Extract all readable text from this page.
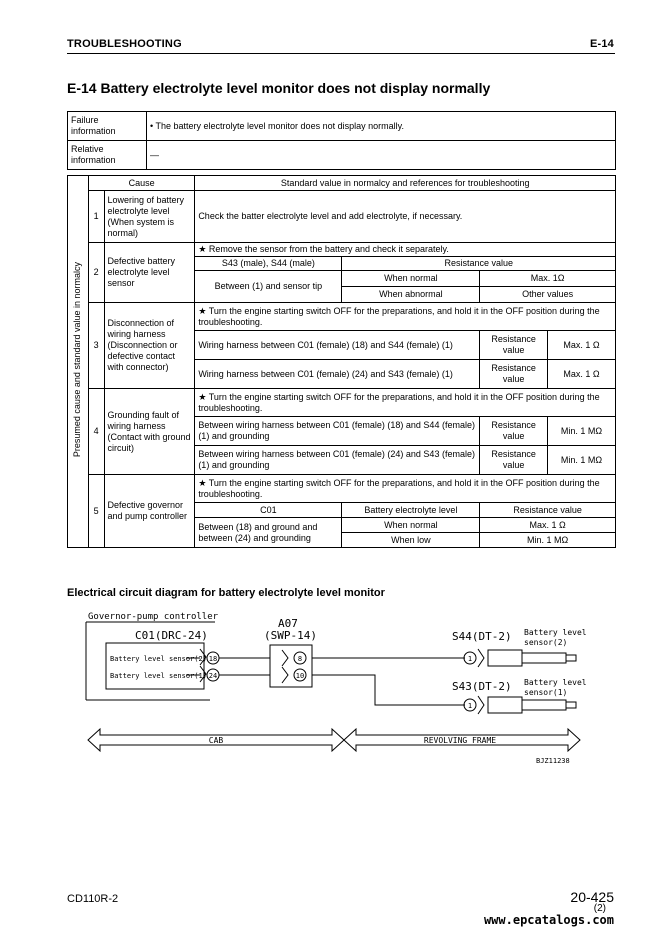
TROUBLESHOOTING	E-14
E-14 Battery electrolyte level monitor does not display normally
Failure information	• The battery electrolyte level monitor does not display normally.
Relative information	—
Presumed cause and standard value in normalcy	Cause		Standard value in normalcy and references for troubleshooting			
	1	Lowering of battery electrolyte level (When system is normal)	Check the batter electrolyte level and add electrolyte, if necessary.			
	2	Defective battery electrolyte level sensor	★ Remove the sensor from the battery and check it separately.			
			S43 (male), S44 (male)	Resistance value		
			Between (1) and sensor tip	When normal	Max. 1Ω	
				When abnormal	Other values	
	3	Disconnection of wiring harness (Disconnection or defective contact with connector)	★ Turn the engine starting switch OFF for the preparations, and hold it in the OFF position during the troubleshooting.			
			Wiring harness between C01 (female) (18) and S44 (female) (1)		Resistance value	Max. 1 Ω
			Wiring harness between C01 (female) (24) and S43 (female) (1)		Resistance value	Max. 1 Ω
	4	Grounding fault of wiring harness (Contact with ground circuit)	★ Turn the engine starting switch OFF for the preparations, and hold it in the OFF position during the troubleshooting.			
			Between wiring harness between C01 (female) (18) and S44 (female) (1) and grounding		Resistance value	Min. 1 MΩ
			Between wiring harness between C01 (female) (24) and S43 (female) (1) and grounding		Resistance value	Min. 1 MΩ
	5	Defective governor and pump controller	★ Turn the engine starting switch OFF for the preparations, and hold it in the OFF position during the troubleshooting.			
			C01	Battery electrolyte level	Resistance value	
			Between (18) and ground and between (24) and grounding	When normal	Max. 1 Ω	
				When low	Min. 1 MΩ	
Electrical circuit diagram for battery electrolyte level monitor
Governor-pump controller
C01(DRC-24)
Battery level sensor(2)
Battery level sensor(1)
18
24
A07
(SWP-14)
8
10
S44(DT-2)
1
Battery level
sensor(2)
S43(DT-2)
1
Battery level
sensor(1)
CAB	REVOLVING FRAME
BJZ11238
CD110R-2	20-425
(2)
www.epcatalogs.com
